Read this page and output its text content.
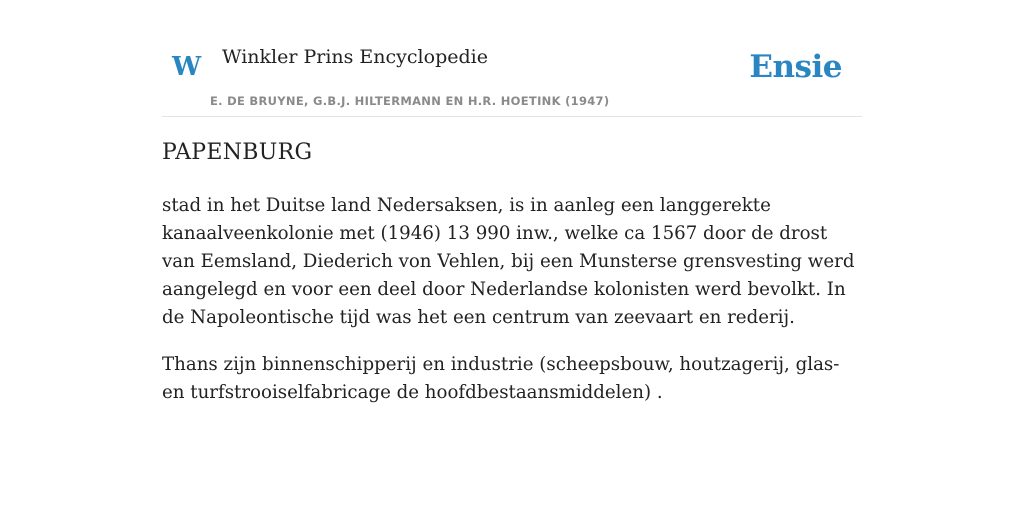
W Winkler Prins Encyclopedie
E. DE BRUYNE, G.B.J. HILTERMANN EN H.R. HOETINK (1947)
Ensie
PAPENBURG

stad in het Duitse land Nedersaksen, is in aanleg een langgerekte kanaalveenkolonie met (1946) 13 990 inw., welke ca 1567 door de drost van Eemsland, Diederich von Vehlen, bij een Munsterse grensvesting werd aangelegd en voor een deel door Nederlandse kolonisten werd bevolkt. In de Napoleontische tijd was het een centrum van zeevaart en rederij.

Thans zijn binnenschipperij en industrie (scheepsbouw, houtzagerij, glas- en turfstrooiselfabricage de hoofdbestaansmiddelen) .
